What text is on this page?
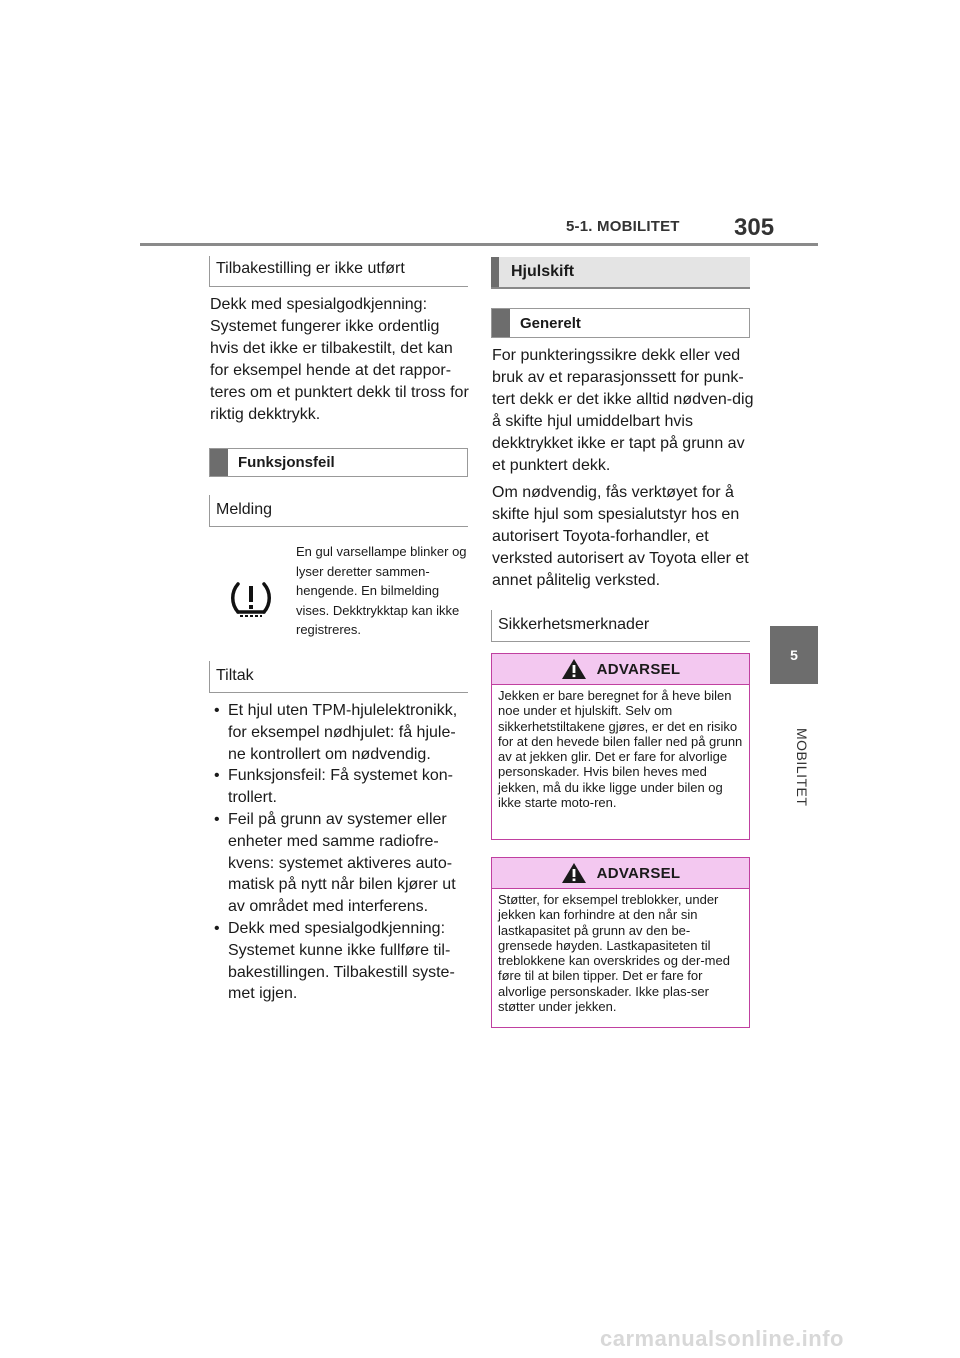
5-1. MOBILITET 305
5
MOBILITET
Tilbakestilling er ikke utført
Dekk med spesialgodkjenning: Systemet fungerer ikke ordentlig hvis det ikke er tilbakestilt, det kan for eksempel hende at det rappor-teres om et punktert dekk til tross for riktig dekktrykk.
Funksjonsfeil
Melding
En gul varsellampe blinker og lyser deretter sammen-hengende. En bilmelding vises. Dekktrykktap kan ikke registreres.
Tiltak
• Et hjul uten TPM-hjulelektronikk, for eksempel nødhjulet: få hjule-ne kontrollert om nødvendig.
• Funksjonsfeil: Få systemet kon-trollert.
• Feil på grunn av systemer eller enheter med samme radiofre-kvens: systemet aktiveres auto-matisk på nytt når bilen kjører ut av området med interferens.
• Dekk med spesialgodkjenning: Systemet kunne ikke fullføre til-bakestillingen. Tilbakestill syste-met igjen.
Hjulskift
Generelt
For punkteringssikre dekk eller ved bruk av et reparasjonssett for punk-tert dekk er det ikke alltid nødven-dig å skifte hjul umiddelbart hvis dekktrykket ikke er tapt på grunn av et punktert dekk.
Om nødvendig, fås verktøyet for å skifte hjul som spesialutstyr hos en autorisert Toyota-forhandler, et verksted autorisert av Toyota eller et annet pålitelig verksted.
Sikkerhetsmerknader
ADVARSEL
Jekken er bare beregnet for å heve bilen noe under et hjulskift. Selv om sikkerhetstiltakene gjøres, er det en risiko for at den hevede bilen faller ned på grunn av at jekken glir. Det er fare for alvorlige personskader. Hvis bilen heves med jekken, må du ikke ligge under bilen og ikke starte moto-ren.
ADVARSEL
Støtter, for eksempel treblokker, under jekken kan forhindre at den når sin lastkapasitet på grunn av den be-grensede høyden. Lastkapasiteten til treblokkene kan overskrides og der-med føre til at bilen tipper. Det er fare for alvorlige personskader. Ikke plas-ser støtter under jekken.
carmanualsonline.info
